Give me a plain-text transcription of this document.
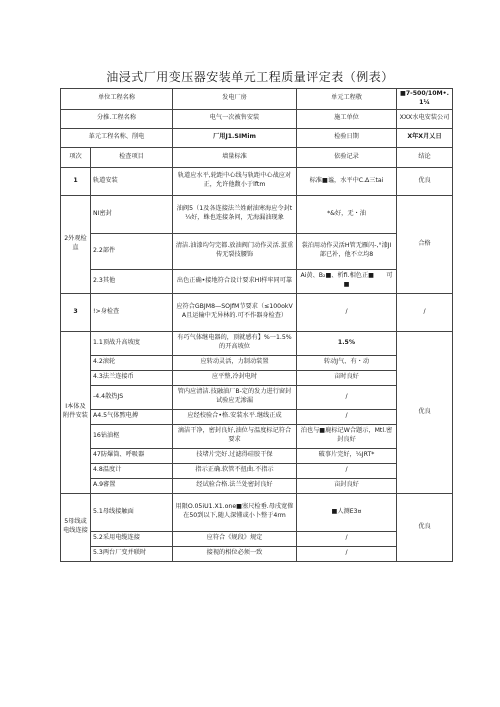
油浸式厂用变压器安装单元工程质量评定表（例表）
单位工程名称		发电厂房	单元工程敬	■7-500/10M•.1¼
分推.工程名称		电气一次被售安装	施工单位	XXX水电安装公司
革元工程名称、削电		厂用J1.SIMim	检验日期	X年X月乂日
项次	检查项目	墙量标准	依验记录	结论
1	轨道安装	轨道应水平,轮距中心线与轨距中心战应对正，允许他馥小于lftm	标准■谧，水平中C.Δ三tai	优良
2外观检直	NI密封	油阀5（1及各连接法兰姓耐油寒海应令封t¼好，蛛也连接条问，无海漏油现象	*&好，无・油	合格
	2.2部件	清洁.油漆均匀完都.放油阀门动作灵活.蛋重传无裂技腰饰	裳泊用动作灵活H管无雁闪-,°漆JI部已补，他不立均8	
	2.3其他	出色正确•接地符合设计要求Hl样牢同可靠	Ai黄、B₂■、析fi.相色正■　　可■	
3	!>身检查	应符合GBJM8—SOJfM节要求（≤100okVA且运输中无异林的.可不作器身检查）	/	/
I本体及附件安装	1.1顶战升高坡度	有巧气体继电器的，顶就感有】%一1.5%的开高坡位	1.5%	优良
	4.2滚轮	应转动灵活，力制动装置	转动J气、有・动	
	4.3法兰连接币	应平整,冷封电时	亩时良好	
	-4.4散热JS	管内应清洁.技融油厂B-定的发力进行窗封试验应无渗漏	/	
	A4.5气体㸃电搏	应经校验合•格.安装水平.继线正成	/	
	16钻油枢	滴洁干净，密封良好,油位与温度标记符合要求	泊也与■鹿标记W合题示，Mtl.密封良好	
	47防爆筒、呼吸器	技堵片完好.过滤得硅胶干保	破事片完好，¼JRT*	
	4.8温度计	指示正确.软管不扭曲.不指示	/	
	A.9審置	经试验合格.法兰处密封良好	亩封良好	
5母线或电线连接	5.1母线接触面	用限O.05iU1.X1.one■塞尺检垂.母戌宽傕在50到以下,随人深懂或小卜整于4rm	■人测E3¤	优良
	5.2采用电缆连接	应符合《规段》规定	/	
	5.3两台厂变并联时	接视的相位必须一致	/	
